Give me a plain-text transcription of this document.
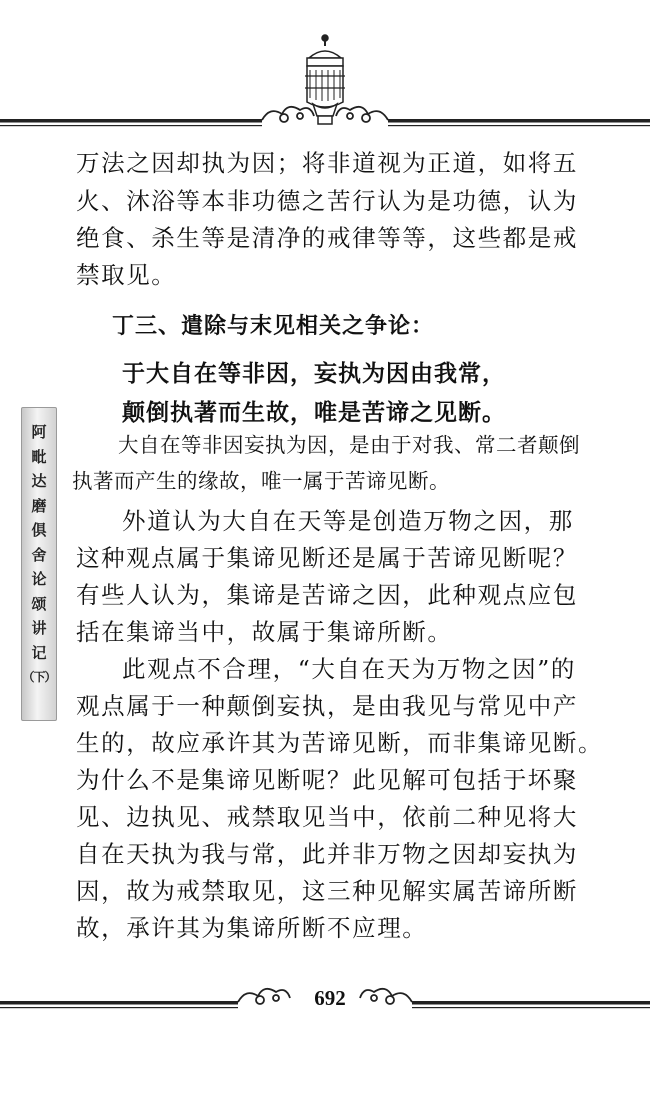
阿
毗
达
磨
俱
舍
论
颂
讲
记
（下）
万法之因却执为因；将非道视为正道，如将五
火、沐浴等本非功德之苦行认为是功德，认为
绝食、杀生等是清净的戒律等等，这些都是戒
禁取见。
丁三、遣除与末见相关之争论：
于大自在等非因，妄执为因由我常，
颠倒执著而生故，唯是苦谛之见断。
大自在等非因妄执为因，是由于对我、常二者颠倒
执著而产生的缘故，唯一属于苦谛见断。
外道认为大自在天等是创造万物之因，那
这种观点属于集谛见断还是属于苦谛见断呢？
有些人认为，集谛是苦谛之因，此种观点应包
括在集谛当中，故属于集谛所断。
此观点不合理，“大自在天为万物之因”的
观点属于一种颠倒妄执，是由我见与常见中产
生的，故应承许其为苦谛见断，而非集谛见断。
为什么不是集谛见断呢？此见解可包括于坏聚
见、边执见、戒禁取见当中，依前二种见将大
自在天执为我与常，此并非万物之因却妄执为
因，故为戒禁取见，这三种见解实属苦谛所断
故，承许其为集谛所断不应理。
692
